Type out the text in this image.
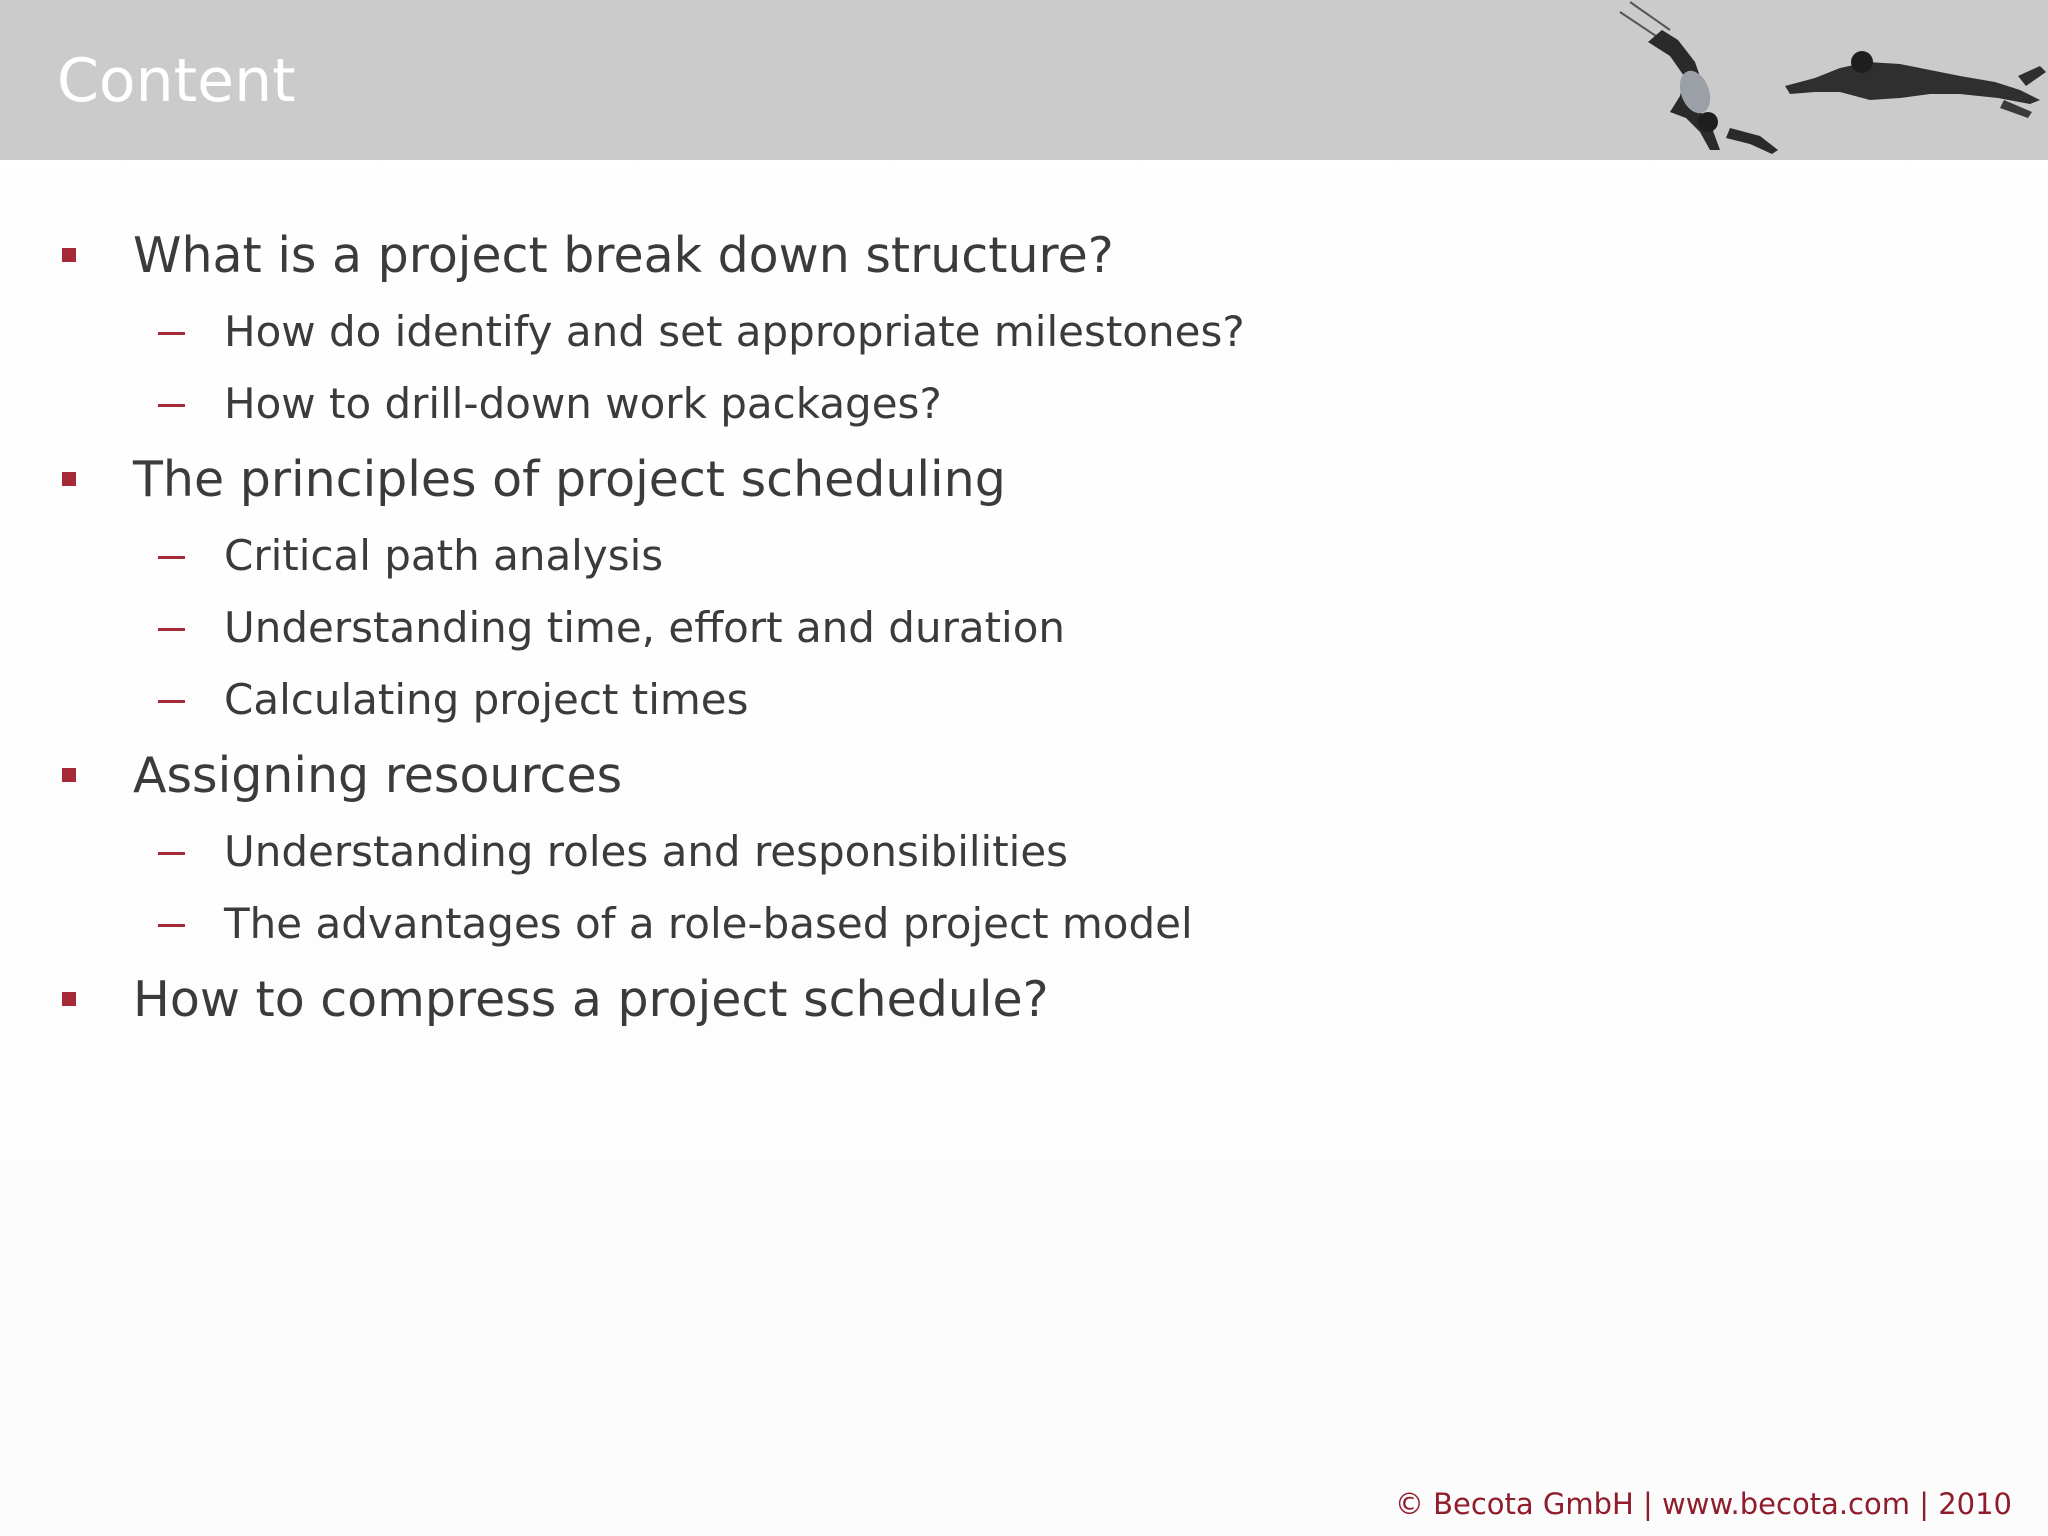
Content
What is a project break down structure?
How do identify and set appropriate milestones?
How to drill-down work packages?
The principles of project scheduling
Critical path analysis
Understanding time, effort and duration
Calculating project times
Assigning resources
Understanding roles and responsibilities
The advantages of a role-based project model
How to compress a project schedule?
© Becota GmbH | www.becota.com | 2010
